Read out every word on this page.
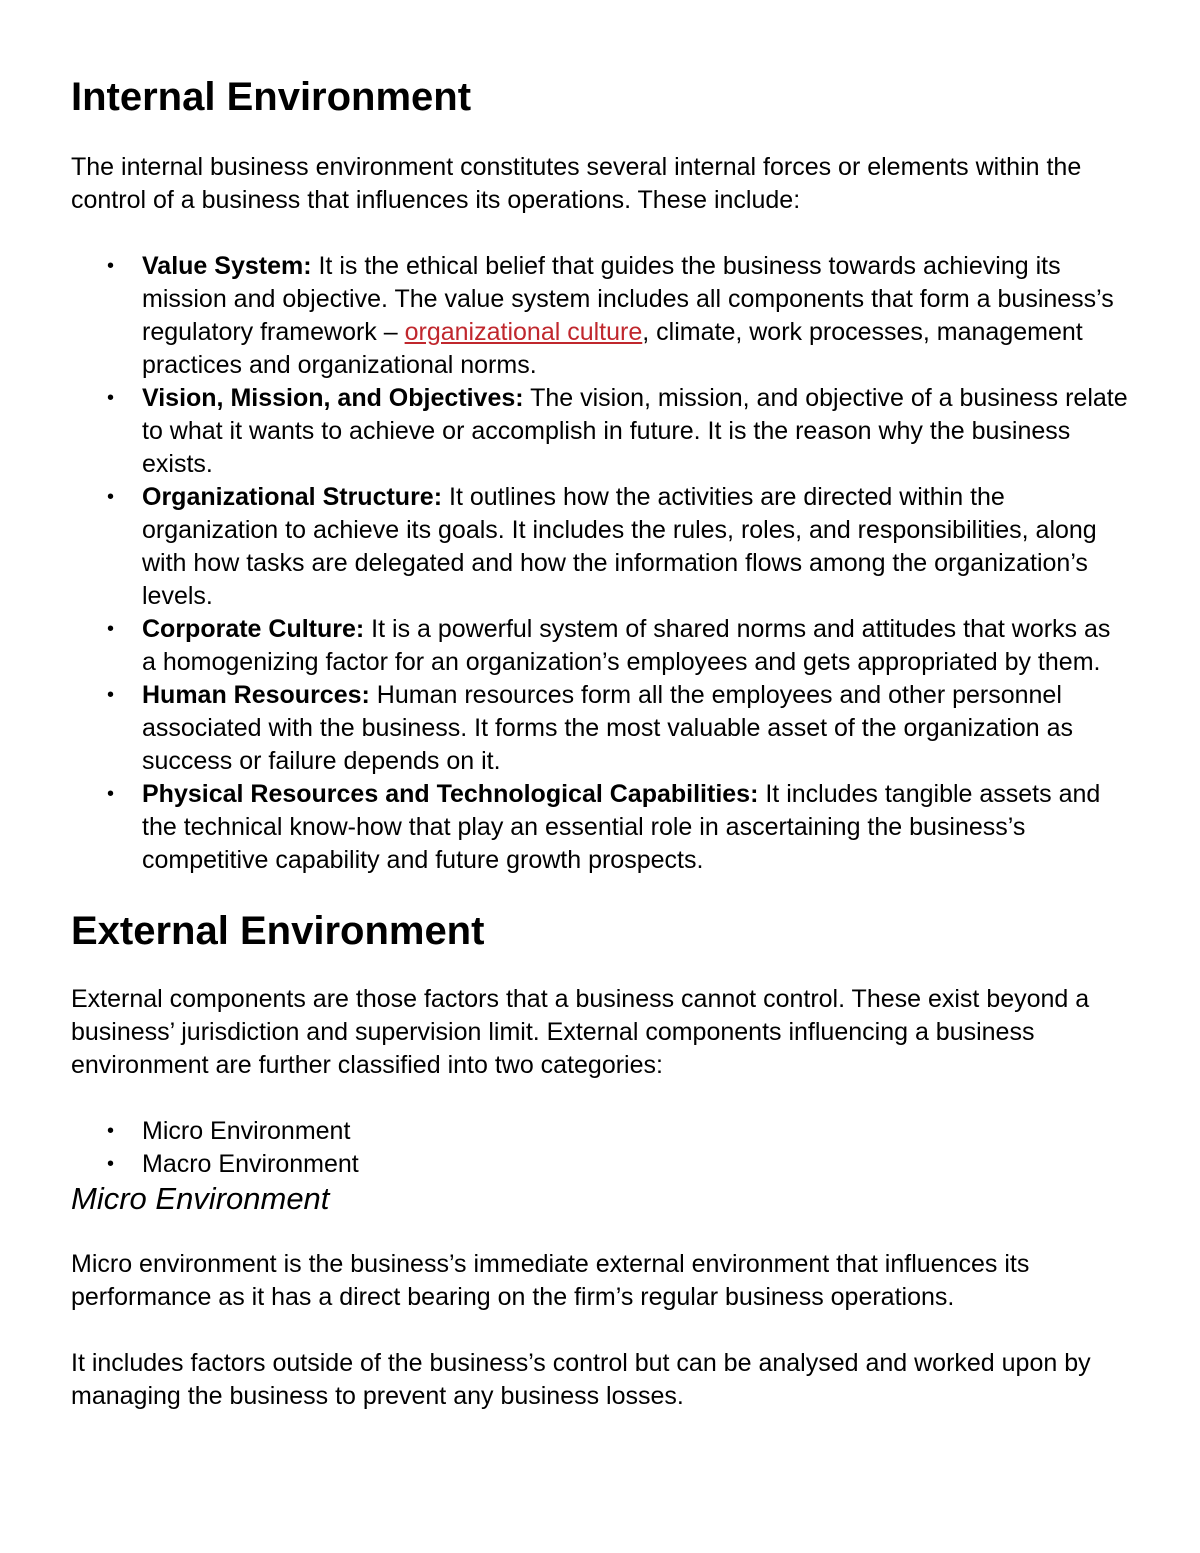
Internal Environment

The internal business environment constitutes several internal forces or elements within the control of a business that influences its operations. These include:

• Value System: It is the ethical belief that guides the business towards achieving its mission and objective. The value system includes all components that form a business’s regulatory framework – organizational culture, climate, work processes, management practices and organizational norms.
• Vision, Mission, and Objectives: The vision, mission, and objective of a business relate to what it wants to achieve or accomplish in future. It is the reason why the business exists.
• Organizational Structure: It outlines how the activities are directed within the organization to achieve its goals. It includes the rules, roles, and responsibilities, along with how tasks are delegated and how the information flows among the organization’s levels.
• Corporate Culture: It is a powerful system of shared norms and attitudes that works as a homogenizing factor for an organization’s employees and gets appropriated by them.
• Human Resources: Human resources form all the employees and other personnel associated with the business. It forms the most valuable asset of the organization as success or failure depends on it.
• Physical Resources and Technological Capabilities: It includes tangible assets and the technical know-how that play an essential role in ascertaining the business’s competitive capability and future growth prospects.
External Environment

External components are those factors that a business cannot control. These exist beyond a business’ jurisdiction and supervision limit. External components influencing a business environment are further classified into two categories:

• Micro Environment
• Macro Environment
Micro Environment

Micro environment is the business’s immediate external environment that influences its performance as it has a direct bearing on the firm’s regular business operations.

It includes factors outside of the business’s control but can be analysed and worked upon by managing the business to prevent any business losses.
